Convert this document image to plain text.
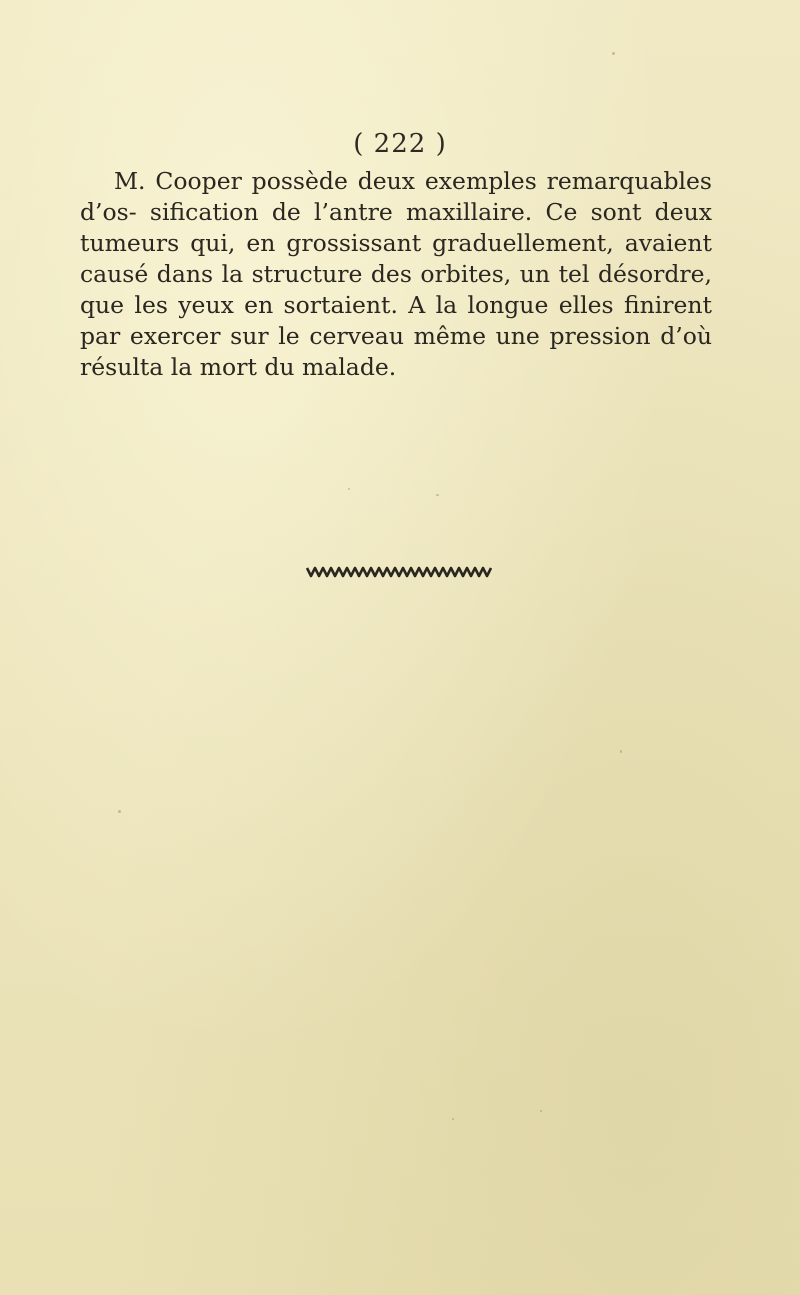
( 222 )

M. Cooper possède deux exemples remarquables d’os- sification de l’antre maxillaire. Ce sont deux tumeurs qui, en grossissant graduellement, avaient causé dans la structure des orbites, un tel désordre, que les yeux en sortaient. A la longue elles finirent par exercer sur le cerveau même une pression d’où résulta la mort du malade.
